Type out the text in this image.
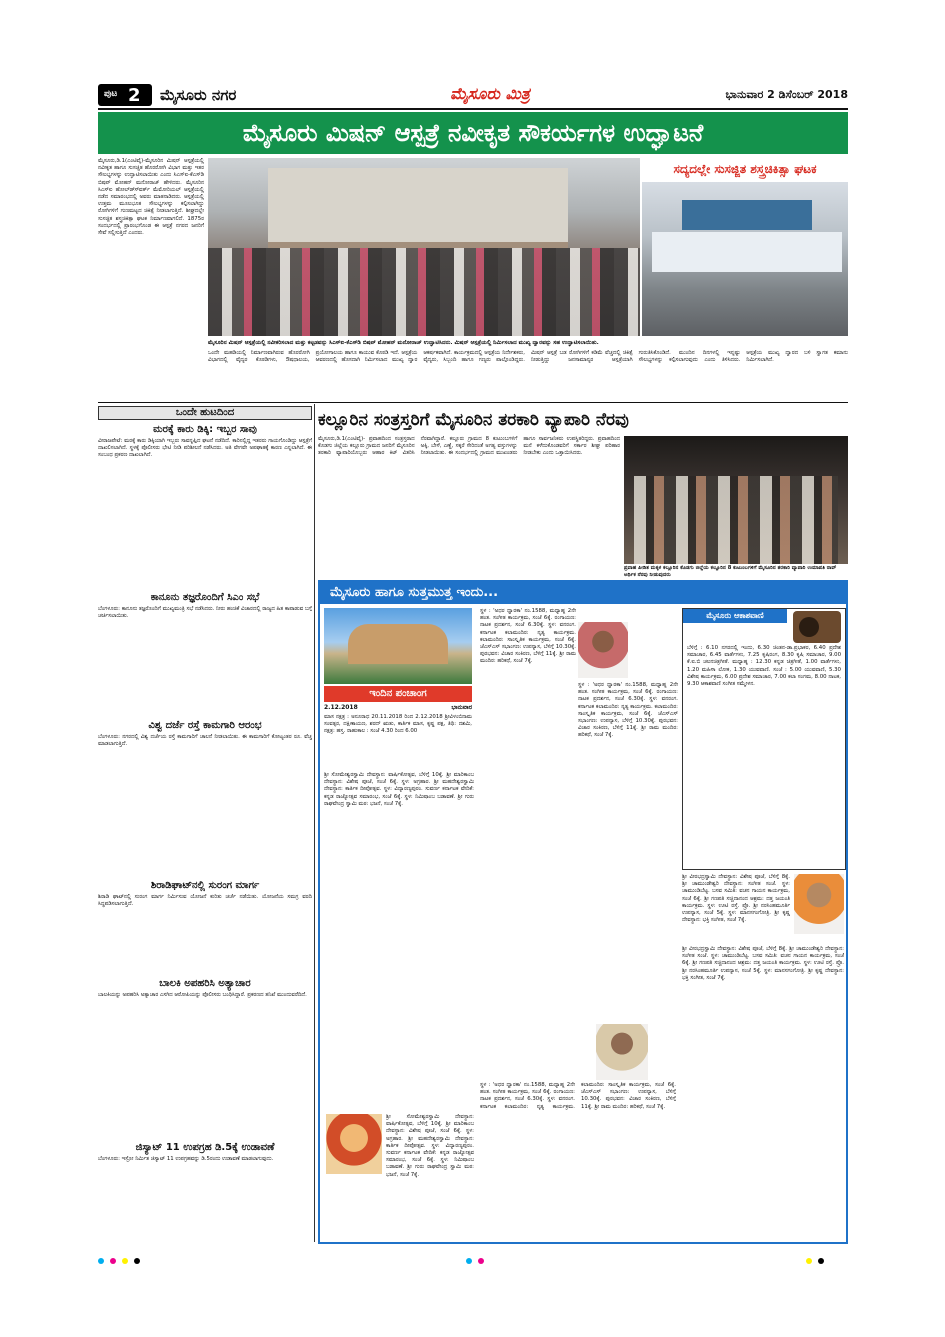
ಪುಟ 2 ಮೈಸೂರು ನಗರ	ಮೈಸೂರು ಮಿತ್ರ	ಭಾನುವಾರ 2 ಡಿಸೆಂಬರ್ 2018
ಮೈಸೂರು ಮಿಷನ್ ಆಸ್ಪತ್ರೆ ನವೀಕೃತ ಸೌಕರ್ಯಗಳ ಉದ್ಘಾಟನೆ
ಮೈಸೂರು,ಡಿ.1(ಎಂಟಿವೈ)-ಮೈಸೂರಿನ ಮಿಷನ್ ಆಸ್ಪತ್ರೆಯಲ್ಲಿ ನವೀಕೃತ ಹಾಗೂ ಸುಸಜ್ಜಿತ ಹೊರರೋಗಿ ವಿಭಾಗ ಮತ್ತು ಇತರ ಸೌಲಭ್ಯಗಳನ್ನು ಉದ್ಘಾಟಿಸಲಾಯಿತು ಎಂದು ಸಿಎಸ್‍ಐ-ಕೆಎಸ್‍ಡಿ ಬಿಷಪ್ ಮೋಹನ್ ಮನೋರಾಜ್ ಹೇಳಿದರು. ಮೈಸೂರಿನ ಸಿಎಸ್‍ಐ ಹೋಲ್ಡ್ಸ್‍ವರ್ತ್ ಮೆಮೋರಿಯಲ್ ಆಸ್ಪತ್ರೆಯಲ್ಲಿ ನಡೆದ ಸಮಾರಂಭದಲ್ಲಿ ಅವರು ಮಾತನಾಡಿದರು. ಆಸ್ಪತ್ರೆಯಲ್ಲಿ ಉತ್ತಮ ಮೂಲಭೂತ ಸೌಲಭ್ಯಗಳನ್ನು ಕಲ್ಪಿಸಲಾಗಿದ್ದು ರೋಗಿಗಳಿಗೆ ಗುಣಮಟ್ಟದ ಚಿಕಿತ್ಸೆ ನೀಡಲಾಗುತ್ತಿದೆ. ಶೀಘ್ರದಲ್ಲೇ ಸುಸಜ್ಜಿತ ಶಸ್ತ್ರಚಿಕಿತ್ಸಾ ಘಟಕ ನಿರ್ಮಾಣವಾಗಲಿದೆ. 1875ರ ಸಂದರ್ಭದಲ್ಲಿ ಪ್ರಾರಂಭಗೊಂಡ ಈ ಆಸ್ಪತ್ರೆ ನಗರದ ಜನರಿಗೆ ಸೇವೆ ಸಲ್ಲಿಸುತ್ತಿದೆ ಎಂದರು.
ಸದ್ಯದಲ್ಲೇ ಸುಸಜ್ಜಿತ ಶಸ್ತ್ರಚಿಕಿತ್ಸಾ ಘಟಕ
ಮೈಸೂರಿನ ಮಿಷನ್ ಆಸ್ಪತ್ರೆಯಲ್ಲಿ ನವೀಕರಿಸಲಾದ ಮತ್ತು ಕಟ್ಟಡವನ್ನು ಸಿಎಸ್‍ಐ-ಕೆಎಸ್‍ಡಿ ಬಿಷಪ್ ಮೋಹನ್ ಮನೋರಾಜ್ ಉದ್ಘಾಟಿಸಿದರು. ಮಿಷನ್ ಆಸ್ಪತ್ರೆಯಲ್ಲಿ ನಿರ್ಮಿಸಲಾದ ಮುಖ್ಯ ದ್ವಾರವನ್ನು ಸಹ ಉದ್ಘಾಟಿಸಲಾಯಿತು.
ಒಂದೇ ಮಹಡಿಯಲ್ಲಿ ನಿರ್ಮಾಣವಾಗಿರುವ ಹೊರರೋಗಿ ವಿಭಾಗದಲ್ಲಿ ವೈದ್ಯರ ಕೊಠಡಿಗಳು, ಔಷಧಾಲಯ, ಪ್ರಯೋಗಾಲಯ ಹಾಗೂ ಕಾಯುವ ಕೊಠಡಿ ಇದೆ. ಆಸ್ಪತ್ರೆಯ ಆವರಣದಲ್ಲಿ ಹೊಸದಾಗಿ ನಿರ್ಮಿಸಲಾದ ಮುಖ್ಯ ದ್ವಾರ ಆಕರ್ಷಕವಾಗಿದೆ. ಕಾರ್ಯಕ್ರಮದಲ್ಲಿ ಆಸ್ಪತ್ರೆಯ ನಿರ್ದೇಶಕರು, ವೈದ್ಯರು, ಸಿಬ್ಬಂದಿ ಹಾಗೂ ಗಣ್ಯರು ಪಾಲ್ಗೊಂಡಿದ್ದರು. ಮಿಷನ್ ಆಸ್ಪತ್ರೆ ಬಡ ರೋಗಿಗಳಿಗೆ ಕಡಿಮೆ ವೆಚ್ಚದಲ್ಲಿ ಚಿಕಿತ್ಸೆ ನೀಡುತ್ತಿದ್ದು ಜನಸಾಮಾನ್ಯರ ಆಸ್ಪತ್ರೆಯಾಗಿ ಗುರುತಿಸಿಕೊಂಡಿದೆ. ಮುಂದಿನ ದಿನಗಳಲ್ಲಿ ಇನ್ನಷ್ಟು ಸೌಲಭ್ಯಗಳನ್ನು ಕಲ್ಪಿಸಲಾಗುವುದು ಎಂದು ತಿಳಿಸಿದರು. ಆಸ್ಪತ್ರೆಯ ಮುಖ್ಯ ದ್ವಾರದ ಬಳಿ ಸ್ವಾಗತ ಕಮಾನು ನಿರ್ಮಿಸಲಾಗಿದೆ.
ಒಂದೇ ಹುಟದಿಂದ
ಮರಕ್ಕೆ ಕಾರು ಡಿಕ್ಕಿ: ಇಬ್ಬರ ಸಾವು
ವೀರಾಜಪೇಟೆ: ಮರಕ್ಕೆ ಕಾರು ಡಿಕ್ಕಿಯಾಗಿ ಇಬ್ಬರು ಸಾವನ್ನಪ್ಪಿದ ಘಟನೆ ನಡೆದಿದೆ. ಕಾರಿನಲ್ಲಿದ್ದ ಇತರರು ಗಾಯಗೊಂಡಿದ್ದು ಆಸ್ಪತ್ರೆಗೆ ದಾಖಲಿಸಲಾಗಿದೆ. ಸ್ಥಳಕ್ಕೆ ಪೊಲೀಸರು ಭೇಟಿ ನೀಡಿ ಪರಿಶೀಲನೆ ನಡೆಸಿದರು. ಅತಿ ವೇಗವೇ ಅಪಘಾತಕ್ಕೆ ಕಾರಣ ಎನ್ನಲಾಗಿದೆ. ಈ ಸಂಬಂಧ ಪ್ರಕರಣ ದಾಖಲಾಗಿದೆ.
ಕಾನೂನು ತಜ್ಞರೊಂದಿಗೆ ಸಿಎಂ ಸಭೆ
ಬೆಂಗಳೂರು: ಕಾನೂನು ತಜ್ಞರೊಂದಿಗೆ ಮುಖ್ಯಮಂತ್ರಿ ಸಭೆ ನಡೆಸಿದರು. ನೀರು ಹಂಚಿಕೆ ವಿಚಾರದಲ್ಲಿ ರಾಜ್ಯದ ಹಿತ ಕಾಪಾಡುವ ಬಗ್ಗೆ ಚರ್ಚಿಸಲಾಯಿತು.
ವಿಶ್ವ ದರ್ಜೆ ರಸ್ತೆ ಕಾಮಗಾರಿ ಆರಂಭ
ಬೆಂಗಳೂರು: ನಗರದಲ್ಲಿ ವಿಶ್ವ ದರ್ಜೆಯ ರಸ್ತೆ ಕಾಮಗಾರಿಗೆ ಚಾಲನೆ ನೀಡಲಾಯಿತು. ಈ ಕಾಮಗಾರಿಗೆ ಕೋಟ್ಯಂತರ ರೂ. ವೆಚ್ಚ ಮಾಡಲಾಗುತ್ತಿದೆ.
ಶಿರಾಡಿಘಾಟ್‍ನಲ್ಲಿ ಸುರಂಗ ಮಾರ್ಗ
ಶಿರಾಡಿ ಘಾಟ್‍ನಲ್ಲಿ ಸುರಂಗ ಮಾರ್ಗ ನಿರ್ಮಿಸುವ ಯೋಜನೆ ಕುರಿತು ಚರ್ಚೆ ನಡೆಯಿತು. ಯೋಜನೆಯ ಸಮಗ್ರ ವರದಿ ಸಿದ್ಧಪಡಿಸಲಾಗುತ್ತಿದೆ.
ಬಾಲಕಿ ಅಪಹರಿಸಿ ಅತ್ಯಾಚಾರ
ಬಾಲಕಿಯನ್ನು ಅಪಹರಿಸಿ ಅತ್ಯಾಚಾರ ಎಸಗಿದ ಆರೋಪಿಯನ್ನು ಪೊಲೀಸರು ಬಂಧಿಸಿದ್ದಾರೆ. ಪ್ರಕರಣದ ತನಿಖೆ ಮುಂದುವರೆದಿದೆ.
ಜಿಸ್ಯಾಟ್ 11 ಉಪಗ್ರಹ ಡಿ.5ಕ್ಕೆ ಉಡಾವಣೆ
ಬೆಂಗಳೂರು: ಇಸ್ರೋ ನಿರ್ಮಿತ ಜಿಸ್ಯಾಟ್ 11 ಉಪಗ್ರಹವನ್ನು ಡಿ.5ರಂದು ಉಡಾವಣೆ ಮಾಡಲಾಗುವುದು.
ಕಲ್ಲೂರಿನ ಸಂತ್ರಸ್ತರಿಗೆ ಮೈಸೂರಿನ ತರಕಾರಿ ವ್ಯಾಪಾರಿ ನೆರವು
ಮೈಸೂರು,ಡಿ.1(ಎಂಟಿವೈ)- ಪ್ರವಾಹದಿಂದ ಸಂತ್ರಸ್ತರಾದ ಕೊಡಗು ಜಿಲ್ಲೆಯ ಕಲ್ಲೂರು ಗ್ರಾಮದ ಜನರಿಗೆ ಮೈಸೂರಿನ ತರಕಾರಿ ವ್ಯಾಪಾರಿಯೊಬ್ಬರು ಆಹಾರ ಕಿಟ್ ವಿತರಿಸಿ ನೆರವಾಗಿದ್ದಾರೆ. ಕಲ್ಲೂರು ಗ್ರಾಮದ 8 ಕುಟುಂಬಗಳಿಗೆ ಅಕ್ಕಿ, ಬೇಳೆ, ಎಣ್ಣೆ, ಸಕ್ಕರೆ ಸೇರಿದಂತೆ ಅಗತ್ಯ ವಸ್ತುಗಳನ್ನು ನೀಡಲಾಯಿತು. ಈ ಸಂದರ್ಭದಲ್ಲಿ ಗ್ರಾಮದ ಮುಖಂಡರು ಹಾಗೂ ಸಾರ್ವಜನಿಕರು ಉಪಸ್ಥಿತರಿದ್ದರು. ಪ್ರವಾಹದಿಂದ ಮನೆ ಕಳೆದುಕೊಂಡವರಿಗೆ ಸರ್ಕಾರ ಶೀಘ್ರ ಪರಿಹಾರ ನೀಡಬೇಕು ಎಂದು ಒತ್ತಾಯಿಸಿದರು.
ಪ್ರವಾಹ ಪೀಡಿತ ಮಕ್ಕಳ ಕಲ್ಲೂರಿನ ಕೊಡಗು ಜಿಲ್ಲೆಯ ಕಲ್ಲೂರಿನ 8 ಕುಟುಂಬಗಳಿಗೆ ಮೈಸೂರಿನ ತರಕಾರಿ ವ್ಯಾಪಾರಿ ಉಮಾಪತಿ ರಾವ್ ಅರ್ಥಿಕ ನೆರವು ನೀಡುವುದರು
ಮೈಸೂರು ಹಾಗೂ ಸುತ್ತಮುತ್ತ ಇಂದು...
ಇಂದಿನ ಪಂಚಾಂಗ
2.12.2018	ಭಾನುವಾರ
ಮಾಸ ನಕ್ಷತ್ರ : ಅನೂರಾಧ 20.11.2018 ರಿಂದ 2.12.2018 ಶ್ರೀವಿಳಂಬಿನಾಮ ಸಂವತ್ಸರ, ದಕ್ಷಿಣಾಯಣ, ಶರದ್ ಋತು, ಕಾರ್ತಿಕ ಮಾಸ, ಕೃಷ್ಣ ಪಕ್ಷ, ತಿಥಿ: ದಶಮಿ, ನಕ್ಷತ್ರ: ಹಸ್ತ. ರಾಹುಕಾಲ : ಸಂಜೆ 4.30 ರಿಂದ 6.00
ಶ್ರೀ ಸೋಮೇಶ್ವರಸ್ವಾಮಿ ದೇವಸ್ಥಾನ: ವಾರ್ಷಿಕೋತ್ಸವ, ಬೆಳಿಗ್ಗೆ 10ಕ್ಕೆ. ಶ್ರೀ ಮಾರಿಕಾಂಬ ದೇವಸ್ಥಾನ: ವಿಶೇಷ ಪೂಜೆ, ಸಂಜೆ 6ಕ್ಕೆ. ಸ್ಥಳ: ಅಗ್ರಹಾರ. ಶ್ರೀ ಮಹದೇಶ್ವರಸ್ವಾಮಿ ದೇವಸ್ಥಾನ: ಕಾರ್ತಿಕ ದೀಪೋತ್ಸವ. ಸ್ಥಳ: ವಿದ್ಯಾರಣ್ಯಪುರಂ. ಸುವರ್ಣ ಕರ್ನಾಟಕ ವೇದಿಕೆ: ಕನ್ನಡ ರಾಜ್ಯೋತ್ಸವ ಸಮಾರಂಭ, ಸಂಜೆ 6ಕ್ಕೆ. ಸ್ಥಳ: ನಿಮಿಷಾಂಬ ಬಡಾವಣೆ. ಶ್ರೀ ಗುರು ರಾಘವೇಂದ್ರ ಸ್ವಾಮಿ ಮಠ: ಭಜನೆ, ಸಂಜೆ 7ಕ್ಕೆ.
ಶ್ರೀ ಸೋಮೇಶ್ವರಸ್ವಾಮಿ ದೇವಸ್ಥಾನ: ವಾರ್ಷಿಕೋತ್ಸವ, ಬೆಳಿಗ್ಗೆ 10ಕ್ಕೆ. ಶ್ರೀ ಮಾರಿಕಾಂಬ ದೇವಸ್ಥಾನ: ವಿಶೇಷ ಪೂಜೆ, ಸಂಜೆ 6ಕ್ಕೆ. ಸ್ಥಳ: ಅಗ್ರಹಾರ. ಶ್ರೀ ಮಹದೇಶ್ವರಸ್ವಾಮಿ ದೇವಸ್ಥಾನ: ಕಾರ್ತಿಕ ದೀಪೋತ್ಸವ. ಸ್ಥಳ: ವಿದ್ಯಾರಣ್ಯಪುರಂ. ಸುವರ್ಣ ಕರ್ನಾಟಕ ವೇದಿಕೆ: ಕನ್ನಡ ರಾಜ್ಯೋತ್ಸವ ಸಮಾರಂಭ, ಸಂಜೆ 6ಕ್ಕೆ. ಸ್ಥಳ: ನಿಮಿಷಾಂಬ ಬಡಾವಣೆ. ಶ್ರೀ ಗುರು ರಾಘವೇಂದ್ರ ಸ್ವಾಮಿ ಮಠ: ಭಜನೆ, ಸಂಜೆ 7ಕ್ಕೆ.
ಸ್ಥಳ : 'ಅಧರ ಧ್ವಾರಕಾ' ನಂ.1588, ಮಧ್ಯಾಹ್ನ 2ನೇ ಹಂತ. ಸಂಗೀತ ಕಾರ್ಯಕ್ರಮ, ಸಂಜೆ 6ಕ್ಕೆ. ರಂಗಾಯಣ: ನಾಟಕ ಪ್ರದರ್ಶನ, ಸಂಜೆ 6.30ಕ್ಕೆ. ಸ್ಥಳ: ವನರಂಗ. ಕರ್ನಾಟಕ ಕಲಾಮಂದಿರ: ನೃತ್ಯ ಕಾರ್ಯಕ್ರಮ. ಕಲಾಮಂದಿರ: ಸಾಂಸ್ಕೃತಿಕ ಕಾರ್ಯಕ್ರಮ, ಸಂಜೆ 6ಕ್ಕೆ. ಜೆಎಸ್‍ಎಸ್ ಸಭಾಂಗಣ: ಉಪನ್ಯಾಸ, ಬೆಳಿಗ್ಗೆ 10.30ಕ್ಕೆ. ಪುರಭವನ: ವಿಚಾರ ಸಂಕಿರಣ, ಬೆಳಿಗ್ಗೆ 11ಕ್ಕೆ. ಶ್ರೀ ರಾಮ ಮಂದಿರ: ಹರಿಕಥೆ, ಸಂಜೆ 7ಕ್ಕೆ.
ಸ್ಥಳ : 'ಅಧರ ಧ್ವಾರಕಾ' ನಂ.1588, ಮಧ್ಯಾಹ್ನ 2ನೇ ಹಂತ. ಸಂಗೀತ ಕಾರ್ಯಕ್ರಮ, ಸಂಜೆ 6ಕ್ಕೆ. ರಂಗಾಯಣ: ನಾಟಕ ಪ್ರದರ್ಶನ, ಸಂಜೆ 6.30ಕ್ಕೆ. ಸ್ಥಳ: ವನರಂಗ. ಕರ್ನಾಟಕ ಕಲಾಮಂದಿರ: ನೃತ್ಯ ಕಾರ್ಯಕ್ರಮ. ಕಲಾಮಂದಿರ: ಸಾಂಸ್ಕೃತಿಕ ಕಾರ್ಯಕ್ರಮ, ಸಂಜೆ 6ಕ್ಕೆ. ಜೆಎಸ್‍ಎಸ್ ಸಭಾಂಗಣ: ಉಪನ್ಯಾಸ, ಬೆಳಿಗ್ಗೆ 10.30ಕ್ಕೆ. ಪುರಭವನ: ವಿಚಾರ ಸಂಕಿರಣ, ಬೆಳಿಗ್ಗೆ 11ಕ್ಕೆ. ಶ್ರೀ ರಾಮ ಮಂದಿರ: ಹರಿಕಥೆ, ಸಂಜೆ 7ಕ್ಕೆ.
ಸ್ಥಳ : 'ಅಧರ ಧ್ವಾರಕಾ' ನಂ.1588, ಮಧ್ಯಾಹ್ನ 2ನೇ ಹಂತ. ಸಂಗೀತ ಕಾರ್ಯಕ್ರಮ, ಸಂಜೆ 6ಕ್ಕೆ. ರಂಗಾಯಣ: ನಾಟಕ ಪ್ರದರ್ಶನ, ಸಂಜೆ 6.30ಕ್ಕೆ. ಸ್ಥಳ: ವನರಂಗ. ಕರ್ನಾಟಕ ಕಲಾಮಂದಿರ: ನೃತ್ಯ ಕಾರ್ಯಕ್ರಮ. ಕಲಾಮಂದಿರ: ಸಾಂಸ್ಕೃತಿಕ ಕಾರ್ಯಕ್ರಮ, ಸಂಜೆ 6ಕ್ಕೆ. ಜೆಎಸ್‍ಎಸ್ ಸಭಾಂಗಣ: ಉಪನ್ಯಾಸ, ಬೆಳಿಗ್ಗೆ 10.30ಕ್ಕೆ. ಪುರಭವನ: ವಿಚಾರ ಸಂಕಿರಣ, ಬೆಳಿಗ್ಗೆ 11ಕ್ಕೆ. ಶ್ರೀ ರಾಮ ಮಂದಿರ: ಹರಿಕಥೆ, ಸಂಜೆ 7ಕ್ಕೆ.
ಮೈಸೂರು ಆಕಾಶವಾಣಿ
ಬೆಳಿಗ್ಗೆ : 6.10 ನಗರದಲ್ಲಿ ಇಂದು, 6.30 ಚಿಂತನ-ಡಾ.ಪ್ರಭಾಕರ, 6.40 ಪ್ರದೇಶ ಸಮಾಚಾರ, 6.45 ವಾರ್ತೆಗಳು, 7.25 ಕೃಷಿರಂಗ, 8.30 ಕೃಷಿ ಸಮಾಚಾರ, 9.00 ಕೆ.ಐ.ಬಿ ಚಲನಚಿತ್ರಗೀತೆ. ಮಧ್ಯಾಹ್ನ : 12.30 ಕನ್ನಡ ಚಿತ್ರಗೀತೆ, 1.00 ವಾರ್ತೆಗಳು, 1.20 ಮಹಿಳಾ ಲೋಕ, 1.30 ಯುವವಾಣಿ. ಸಂಜೆ : 5.00 ಯುವವಾಣಿ, 5.30 ವಿಶೇಷ ಕಾರ್ಯಕ್ರಮ, 6.00 ಪ್ರದೇಶ ಸಮಾಚಾರ, 7.00 ಕಲಾ ಸಂಗಮ, 8.00 ನಾಟಕ, 9.30 ಆಕಾಶವಾಣಿ ಸಂಗೀತ ಸಮ್ಮೇಳನ.
ಶ್ರೀ ವೀರಭದ್ರಸ್ವಾಮಿ ದೇವಸ್ಥಾನ: ವಿಶೇಷ ಪೂಜೆ, ಬೆಳಿಗ್ಗೆ 8ಕ್ಕೆ. ಶ್ರೀ ಚಾಮುಂಡೇಶ್ವರಿ ದೇವಸ್ಥಾನ: ಸಂಗೀತ ಸಂಜೆ. ಸ್ಥಳ: ಚಾಮುಂಡಿಬೆಟ್ಟ. ಬಸವ ಸಮಿತಿ: ವಚನ ಗಾಯನ ಕಾರ್ಯಕ್ರಮ, ಸಂಜೆ 6ಕ್ಕೆ. ಶ್ರೀ ಗಣಪತಿ ಸಚ್ಚಿದಾನಂದ ಆಶ್ರಮ: ದತ್ತ ಜಯಂತಿ ಕಾರ್ಯಕ್ರಮ. ಸ್ಥಳ: ಊಟಿ ರಸ್ತೆ. ಪ್ರೊ. ಶ್ರೀ ನರಸಿಂಹಮೂರ್ತಿ ಉಪನ್ಯಾಸ, ಸಂಜೆ 5ಕ್ಕೆ. ಸ್ಥಳ: ಮಾನಸಗಂಗೋತ್ರಿ. ಶ್ರೀ ಕೃಷ್ಣ ದೇವಸ್ಥಾನ: ಭಕ್ತಿ ಸಂಗೀತ, ಸಂಜೆ 7ಕ್ಕೆ.
ಶ್ರೀ ವೀರಭದ್ರಸ್ವಾಮಿ ದೇವಸ್ಥಾನ: ವಿಶೇಷ ಪೂಜೆ, ಬೆಳಿಗ್ಗೆ 8ಕ್ಕೆ. ಶ್ರೀ ಚಾಮುಂಡೇಶ್ವರಿ ದೇವಸ್ಥಾನ: ಸಂಗೀತ ಸಂಜೆ. ಸ್ಥಳ: ಚಾಮುಂಡಿಬೆಟ್ಟ. ಬಸವ ಸಮಿತಿ: ವಚನ ಗಾಯನ ಕಾರ್ಯಕ್ರಮ, ಸಂಜೆ 6ಕ್ಕೆ. ಶ್ರೀ ಗಣಪತಿ ಸಚ್ಚಿದಾನಂದ ಆಶ್ರಮ: ದತ್ತ ಜಯಂತಿ ಕಾರ್ಯಕ್ರಮ. ಸ್ಥಳ: ಊಟಿ ರಸ್ತೆ. ಪ್ರೊ. ಶ್ರೀ ನರಸಿಂಹಮೂರ್ತಿ ಉಪನ್ಯಾಸ, ಸಂಜೆ 5ಕ್ಕೆ. ಸ್ಥಳ: ಮಾನಸಗಂಗೋತ್ರಿ. ಶ್ರೀ ಕೃಷ್ಣ ದೇವಸ್ಥಾನ: ಭಕ್ತಿ ಸಂಗೀತ, ಸಂಜೆ 7ಕ್ಕೆ.
